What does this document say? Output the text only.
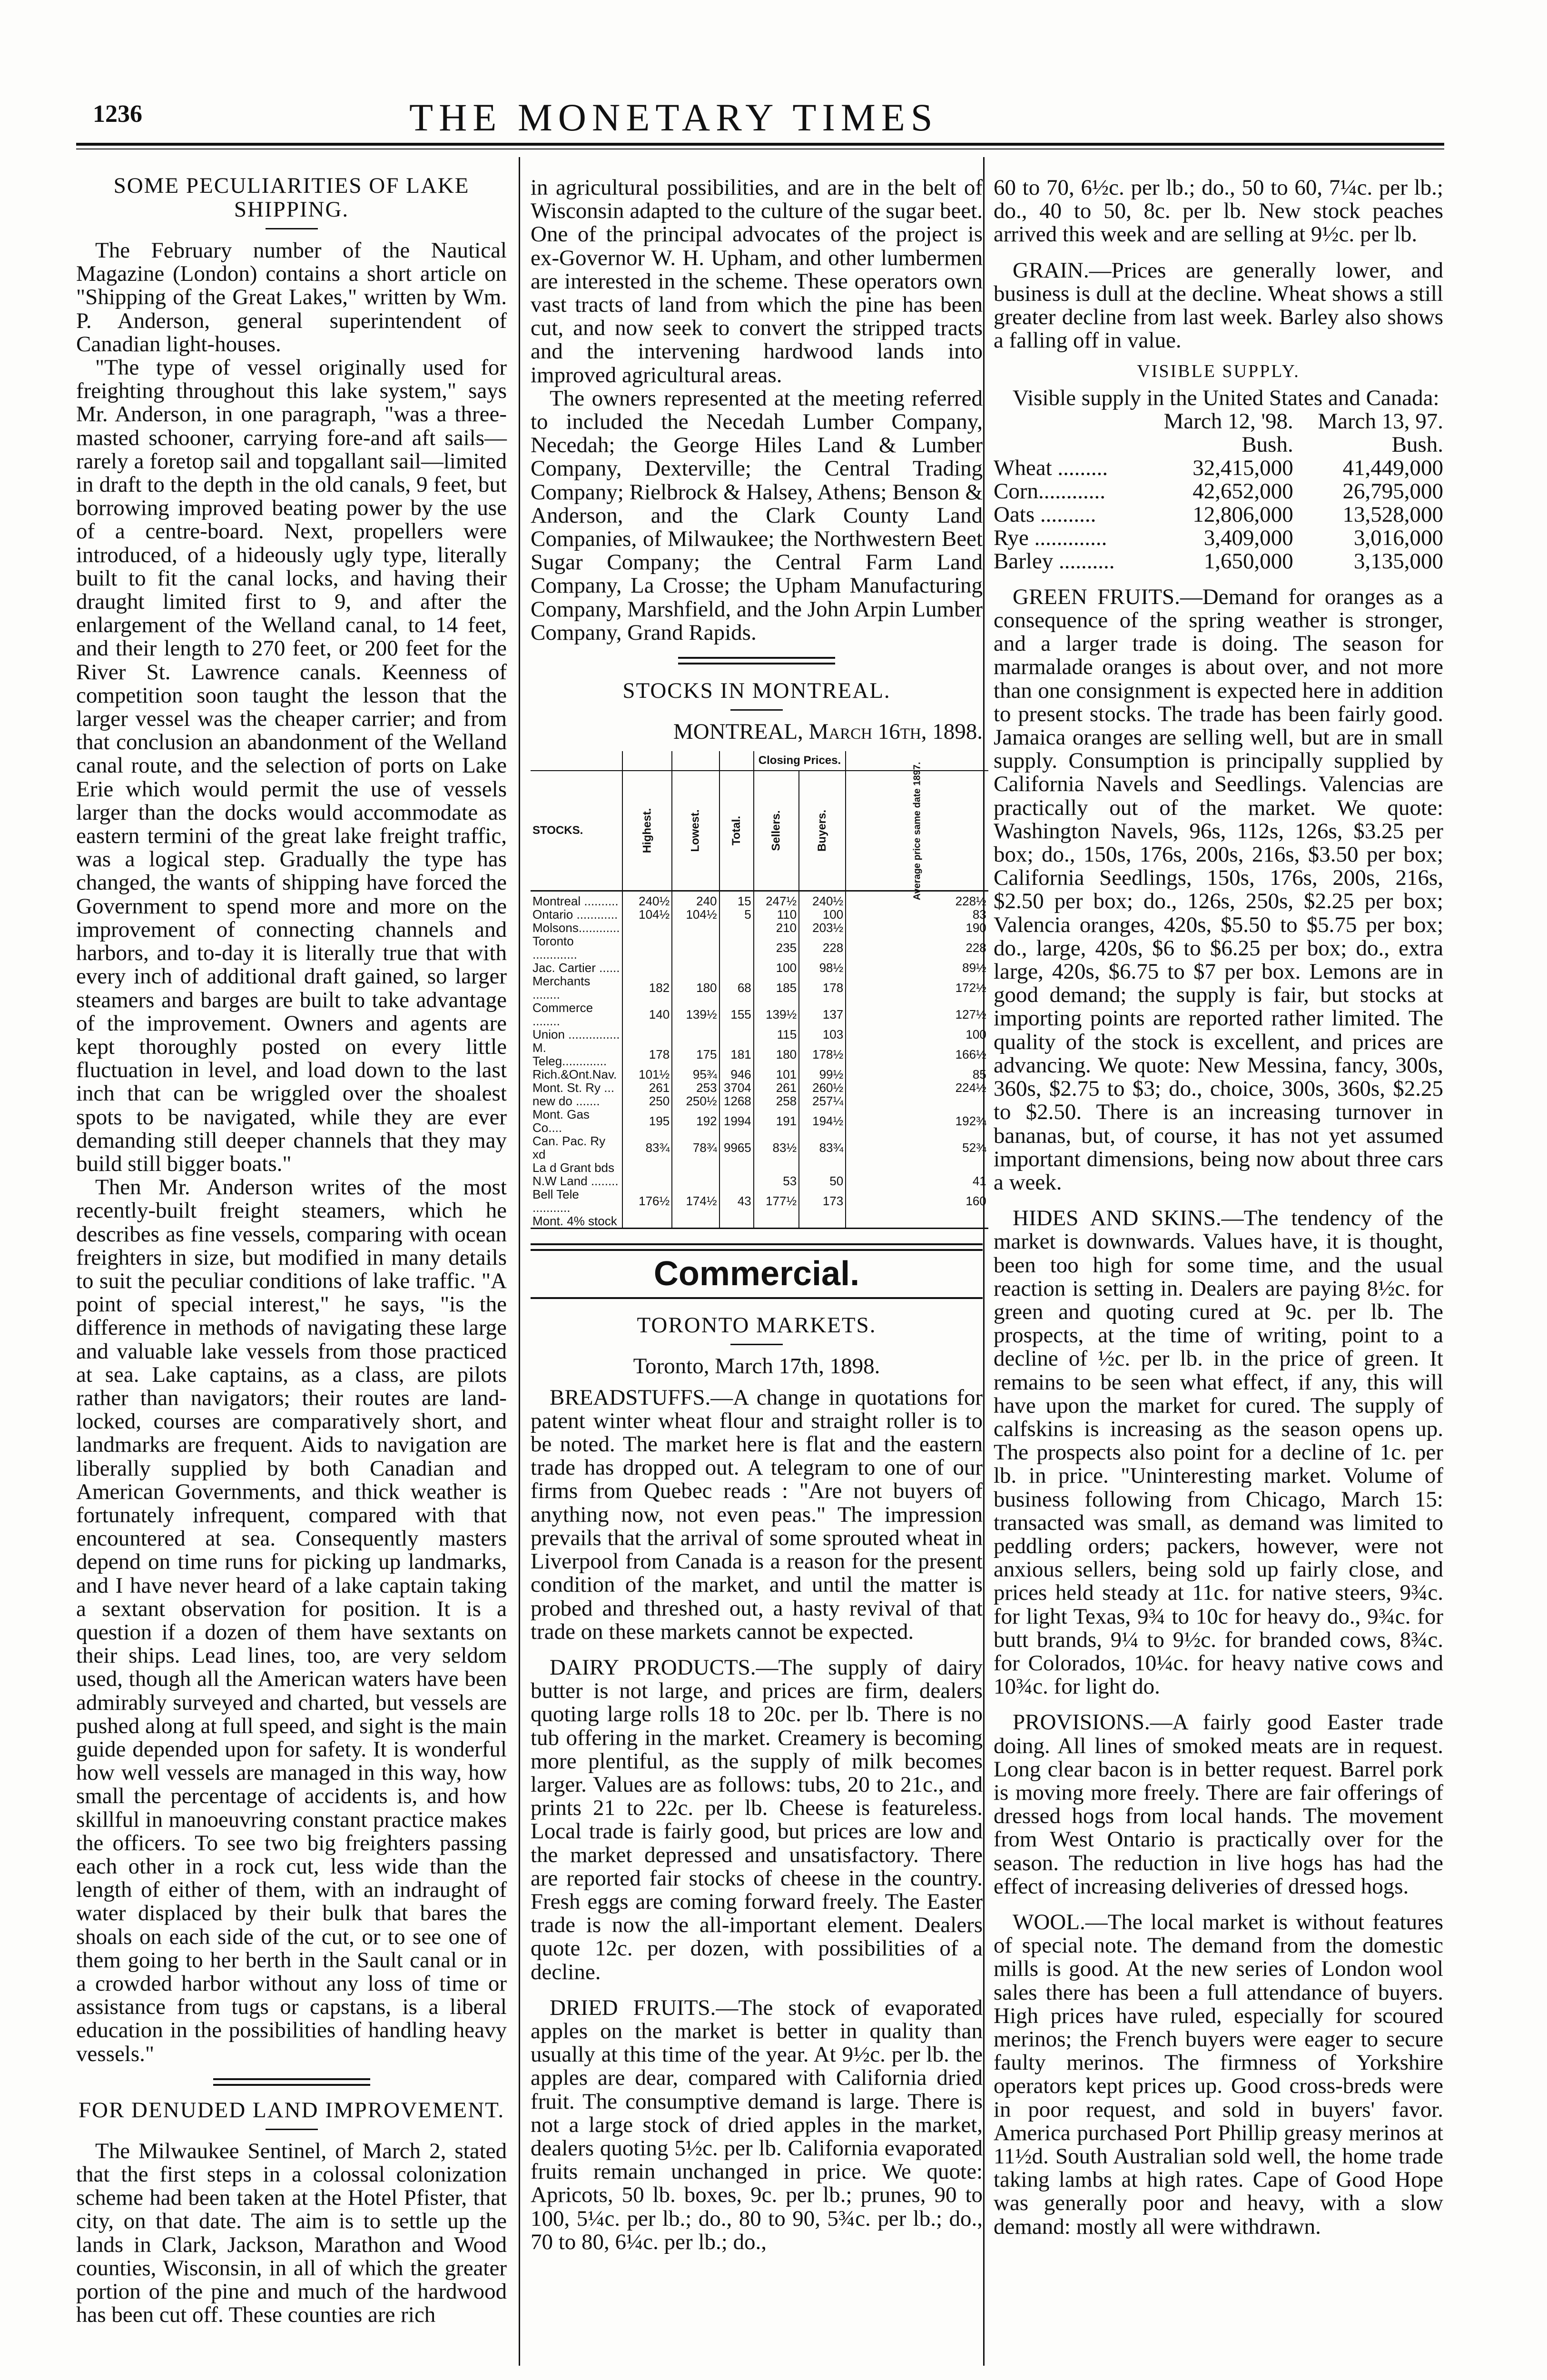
1236	THE MONETARY TIMES
SOME PECULIARITIES OF LAKE SHIPPING.

The February number of the Nautical Magazine (London) contains a short article on "Shipping of the Great Lakes," written by Wm. P. Anderson, general superintendent of Canadian light-houses.

"The type of vessel originally used for freighting throughout this lake system," says Mr. Anderson, in one paragraph, "was a three-masted schooner, carrying fore-and aft sails—rarely a foretop sail and topgallant sail—limited in draft to the depth in the old canals, 9 feet, but borrowing improved beating power by the use of a centre-board. Next, propellers were introduced, of a hideously ugly type, literally built to fit the canal locks, and having their draught limited first to 9, and after the enlargement of the Welland canal, to 14 feet, and their length to 270 feet, or 200 feet for the River St. Lawrence canals. Keenness of competition soon taught the lesson that the larger vessel was the cheaper carrier; and from that conclusion an abandonment of the Welland canal route, and the selection of ports on Lake Erie which would permit the use of vessels larger than the docks would accommodate as eastern termini of the great lake freight traffic, was a logical step. Gradually the type has changed, the wants of shipping have forced the Government to spend more and more on the improvement of connecting channels and harbors, and to-day it is literally true that with every inch of additional draft gained, so larger steamers and barges are built to take advantage of the improvement. Owners and agents are kept thoroughly posted on every little fluctuation in level, and load down to the last inch that can be wriggled over the shoalest spots to be navigated, while they are ever demanding still deeper channels that they may build still bigger boats."

Then Mr. Anderson writes of the most recently-built freight steamers, which he describes as fine vessels, comparing with ocean freighters in size, but modified in many details to suit the peculiar conditions of lake traffic. "A point of special interest," he says, "is the difference in methods of navigating these large and valuable lake vessels from those practiced at sea. Lake captains, as a class, are pilots rather than navigators; their routes are land-locked, courses are comparatively short, and landmarks are frequent. Aids to navigation are liberally supplied by both Canadian and American Governments, and thick weather is fortunately infrequent, compared with that encountered at sea. Consequently masters depend on time runs for picking up landmarks, and I have never heard of a lake captain taking a sextant observation for position. It is a question if a dozen of them have sextants on their ships. Lead lines, too, are very seldom used, though all the American waters have been admirably surveyed and charted, but vessels are pushed along at full speed, and sight is the main guide depended upon for safety. It is wonderful how well vessels are managed in this way, how small the percentage of accidents is, and how skillful in manoeuvring constant practice makes the officers. To see two big freighters passing each other in a rock cut, less wide than the length of either of them, with an indraught of water displaced by their bulk that bares the shoals on each side of the cut, or to see one of them going to her berth in the Sault canal or in a crowded harbor without any loss of time or assistance from tugs or capstans, is a liberal education in the possibilities of handling heavy vessels."

FOR DENUDED LAND IMPROVEMENT.

The Milwaukee Sentinel, of March 2, stated that the first steps in a colossal colonization scheme had been taken at the Hotel Pfister, that city, on that date. The aim is to settle up the lands in Clark, Jackson, Marathon and Wood counties, Wisconsin, in all of which the greater portion of the pine and much of the hardwood has been cut off. These counties are rich

in agricultural possibilities, and are in the belt of Wisconsin adapted to the culture of the sugar beet. One of the principal advocates of the project is ex-Governor W. H. Upham, and other lumbermen are interested in the scheme. These operators own vast tracts of land from which the pine has been cut, and now seek to convert the stripped tracts and the intervening hardwood lands into improved agricultural areas.

The owners represented at the meeting referred to included the Necedah Lumber Company, Necedah; the George Hiles Land & Lumber Company, Dexterville; the Central Trading Company; Rielbrock & Halsey, Athens; Benson & Anderson, and the Clark County Land Companies, of Milwaukee; the Northwestern Beet Sugar Company; the Central Farm Land Company, La Crosse; the Upham Manufacturing Company, Marshfield, and the John Arpin Lumber Company, Grand Rapids.

STOCKS IN MONTREAL.
MONTREAL, March 16th, 1898.
				Closing Prices.		
STOCKS.	Highest.	Lowest.	Total.	Sellers.	Buyers.	Average price same date 1897.
Montreal ..........	240½	240	15	247½	240½	228½
Ontario ............	104½	104½	5	110	100	83
Molsons............				210	203½	190
Toronto .............				235	228	228
Jac. Cartier ......				100	98½	89½
Merchants ........	182	180	68	185	178	172½
Commerce ........	140	139½	155	139½	137	127½
Union ...............				115	103	100
M. Teleg.............	178	175	181	180	178½	166½
Rich.&Ont.Nav.	101½	95¾	946	101	99½	85
Mont. St. Ry ...	261	253	3704	261	260½	224½
new do .......	250	250½	1268	258	257¼	
Mont. Gas Co....	195	192	1994	191	194½	192¾
Can. Pac. Ry xd	83¾	78¾	9965	83½	83¾	52¾
La d Grant bds						
N.W Land ........				53	50	41
Bell Tele ...........	176½	174½	43	177½	173	160
Mont. 4% stock						
Commercial.
TORONTO MARKETS.
Toronto, March 17th, 1898.

BREADSTUFFS.—A change in quotations for patent winter wheat flour and straight roller is to be noted. The market here is flat and the eastern trade has dropped out. A telegram to one of our firms from Quebec reads : "Are not buyers of anything now, not even peas." The impression prevails that the arrival of some sprouted wheat in Liverpool from Canada is a reason for the present condition of the market, and until the matter is probed and threshed out, a hasty revival of that trade on these markets cannot be expected.

DAIRY PRODUCTS.—The supply of dairy butter is not large, and prices are firm, dealers quoting large rolls 18 to 20c. per lb. There is no tub offering in the market. Creamery is becoming more plentiful, as the supply of milk becomes larger. Values are as follows: tubs, 20 to 21c., and prints 21 to 22c. per lb. Cheese is featureless. Local trade is fairly good, but prices are low and the market depressed and unsatisfactory. There are reported fair stocks of cheese in the country. Fresh eggs are coming forward freely. The Easter trade is now the all-important element. Dealers quote 12c. per dozen, with possibilities of a decline.

DRIED FRUITS.—The stock of evaporated apples on the market is better in quality than usually at this time of the year. At 9½c. per lb. the apples are dear, compared with California dried fruit. The consumptive demand is large. There is not a large stock of dried apples in the market, dealers quoting 5½c. per lb. California evaporated fruits remain unchanged in price. We quote: Apricots, 50 lb. boxes, 9c. per lb.; prunes, 90 to 100, 5¼c. per lb.; do., 80 to 90, 5¾c. per lb.; do., 70 to 80, 6¼c. per lb.; do.,

60 to 70, 6½c. per lb.; do., 50 to 60, 7¼c. per lb.; do., 40 to 50, 8c. per lb. New stock peaches arrived this week and are selling at 9½c. per lb.

GRAIN.—Prices are generally lower, and business is dull at the decline. Wheat shows a still greater decline from last week. Barley also shows a falling off in value.

VISIBLE SUPPLY.

Visible supply in the United States and Canada:

	March 12, '98.	March 13, 97.
	Bush.	Bush.
Wheat .........	32,415,000	41,449,000
Corn............	42,652,000	26,795,000
Oats ..........	12,806,000	13,528,000
Rye .............	3,409,000	3,016,000
Barley ..........	1,650,000	3,135,000

GREEN FRUITS.—Demand for oranges as a consequence of the spring weather is stronger, and a larger trade is doing. The season for marmalade oranges is about over, and not more than one consignment is expected here in addition to present stocks. The trade has been fairly good. Jamaica oranges are selling well, but are in small supply. Consumption is principally supplied by California Navels and Seedlings. Valencias are practically out of the market. We quote: Washington Navels, 96s, 112s, 126s, $3.25 per box; do., 150s, 176s, 200s, 216s, $3.50 per box; California Seedlings, 150s, 176s, 200s, 216s, $2.50 per box; do., 126s, 250s, $2.25 per box; Valencia oranges, 420s, $5.50 to $5.75 per box; do., large, 420s, $6 to $6.25 per box; do., extra large, 420s, $6.75 to $7 per box. Lemons are in good demand; the supply is fair, but stocks at importing points are reported rather limited. The quality of the stock is excellent, and prices are advancing. We quote: New Messina, fancy, 300s, 360s, $2.75 to $3; do., choice, 300s, 360s, $2.25 to $2.50. There is an increasing turnover in bananas, but, of course, it has not yet assumed important dimensions, being now about three cars a week.

HIDES AND SKINS.—The tendency of the market is downwards. Values have, it is thought, been too high for some time, and the usual reaction is setting in. Dealers are paying 8½c. for green and quoting cured at 9c. per lb. The prospects, at the time of writing, point to a decline of ½c. per lb. in the price of green. It remains to be seen what effect, if any, this will have upon the market for cured. The supply of calfskins is increasing as the season opens up. The prospects also point for a decline of 1c. per lb. in price. "Uninteresting market. Volume of business following from Chicago, March 15: transacted was small, as demand was limited to peddling orders; packers, however, were not anxious sellers, being sold up fairly close, and prices held steady at 11c. for native steers, 9¾c. for light Texas, 9¾ to 10c for heavy do., 9¾c. for butt brands, 9¼ to 9½c. for branded cows, 8¾c. for Colorados, 10¼c. for heavy native cows and 10¾c. for light do.

PROVISIONS.—A fairly good Easter trade doing. All lines of smoked meats are in request. Long clear bacon is in better request. Barrel pork is moving more freely. There are fair offerings of dressed hogs from local hands. The movement from West Ontario is practically over for the season. The reduction in live hogs has had the effect of increasing deliveries of dressed hogs.

WOOL.—The local market is without features of special note. The demand from the domestic mills is good. At the new series of London wool sales there has been a full attendance of buyers. High prices have ruled, especially for scoured merinos; the French buyers were eager to secure faulty merinos. The firmness of Yorkshire operators kept prices up. Good cross-breds were in poor request, and sold in buyers' favor. America purchased Port Phillip greasy merinos at 11½d. South Australian sold well, the home trade taking lambs at high rates. Cape of Good Hope was generally poor and heavy, with a slow demand: mostly all were withdrawn.
